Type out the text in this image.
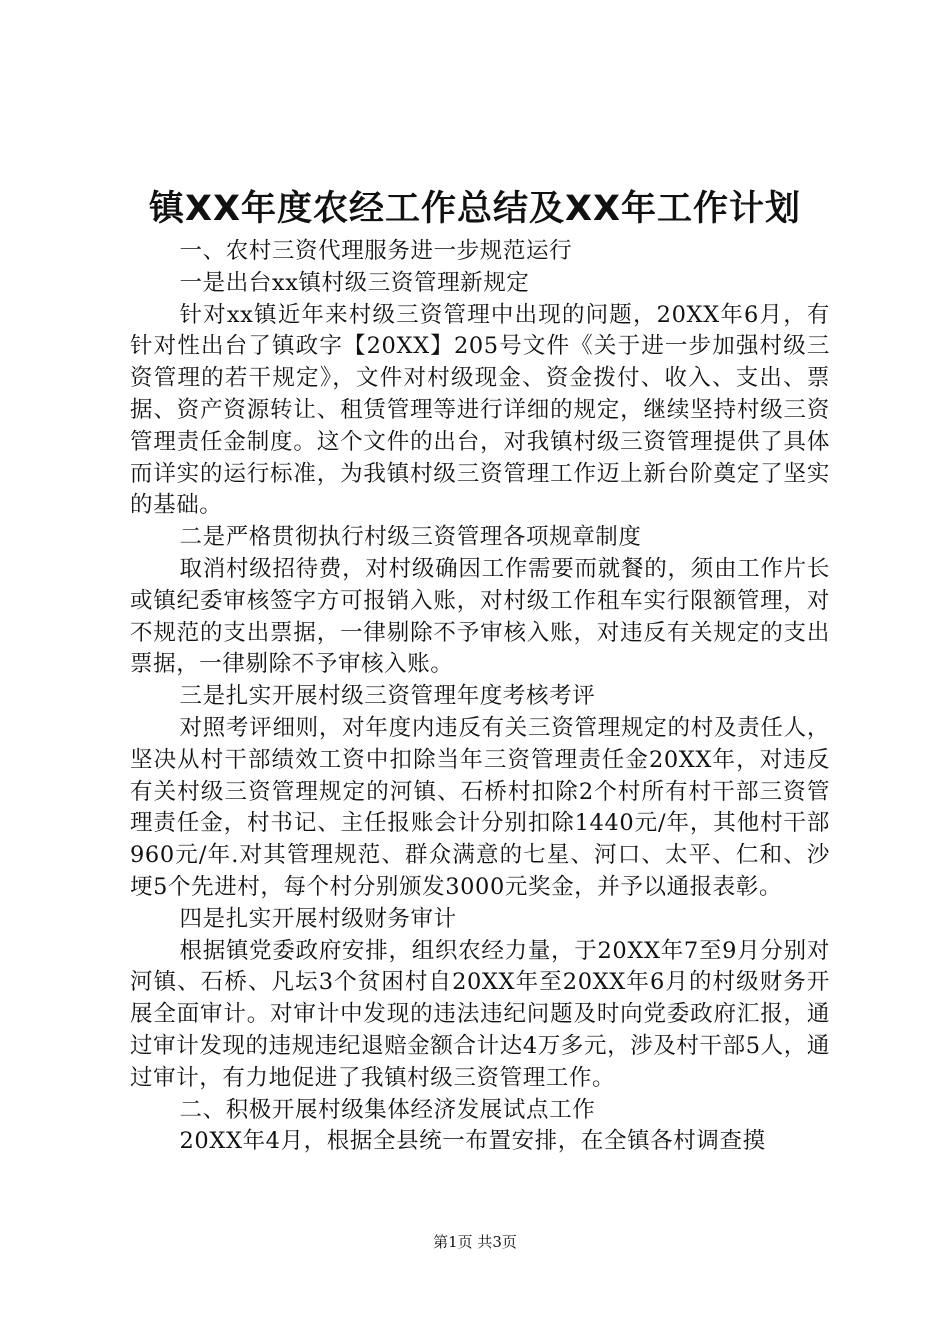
镇XX年度农经工作总结及XX年工作计划

一、农村三资代理服务进一步规范运行

一是出台xx镇村级三资管理新规定

针对xx镇近年来村级三资管理中出现的问题，20XX年6月，有针对性出台了镇政字【20XX】205号文件《关于进一步加强村级三资管理的若干规定》，文件对村级现金、资金拨付、收入、支出、票据、资产资源转让、租赁管理等进行详细的规定，继续坚持村级三资管理责任金制度。这个文件的出台，对我镇村级三资管理提供了具体而详实的运行标准，为我镇村级三资管理工作迈上新台阶奠定了坚实的基础。

二是严格贯彻执行村级三资管理各项规章制度

取消村级招待费，对村级确因工作需要而就餐的，须由工作片长或镇纪委审核签字方可报销入账，对村级工作租车实行限额管理，对不规范的支出票据，一律剔除不予审核入账，对违反有关规定的支出票据，一律剔除不予审核入账。

三是扎实开展村级三资管理年度考核考评

对照考评细则，对年度内违反有关三资管理规定的村及责任人，坚决从村干部绩效工资中扣除当年三资管理责任金20XX年，对违反有关村级三资管理规定的河镇、石桥村扣除2个村所有村干部三资管理责任金，村书记、主任报账会计分别扣除1440元/年，其他村干部960元/年.对其管理规范、群众满意的七星、河口、太平、仁和、沙埂5个先进村，每个村分别颁发3000元奖金，并予以通报表彰。

四是扎实开展村级财务审计

根据镇党委政府安排，组织农经力量，于20XX年7至9月分别对河镇、石桥、凡坛3个贫困村自20XX年至20XX年6月的村级财务开展全面审计。对审计中发现的违法违纪问题及时向党委政府汇报，通过审计发现的违规违纪退赔金额合计达4万多元，涉及村干部5人，通过审计，有力地促进了我镇村级三资管理工作。

二、积极开展村级集体经济发展试点工作

20XX年4月，根据全县统一布置安排，在全镇各村调查摸

第1页 共3页
